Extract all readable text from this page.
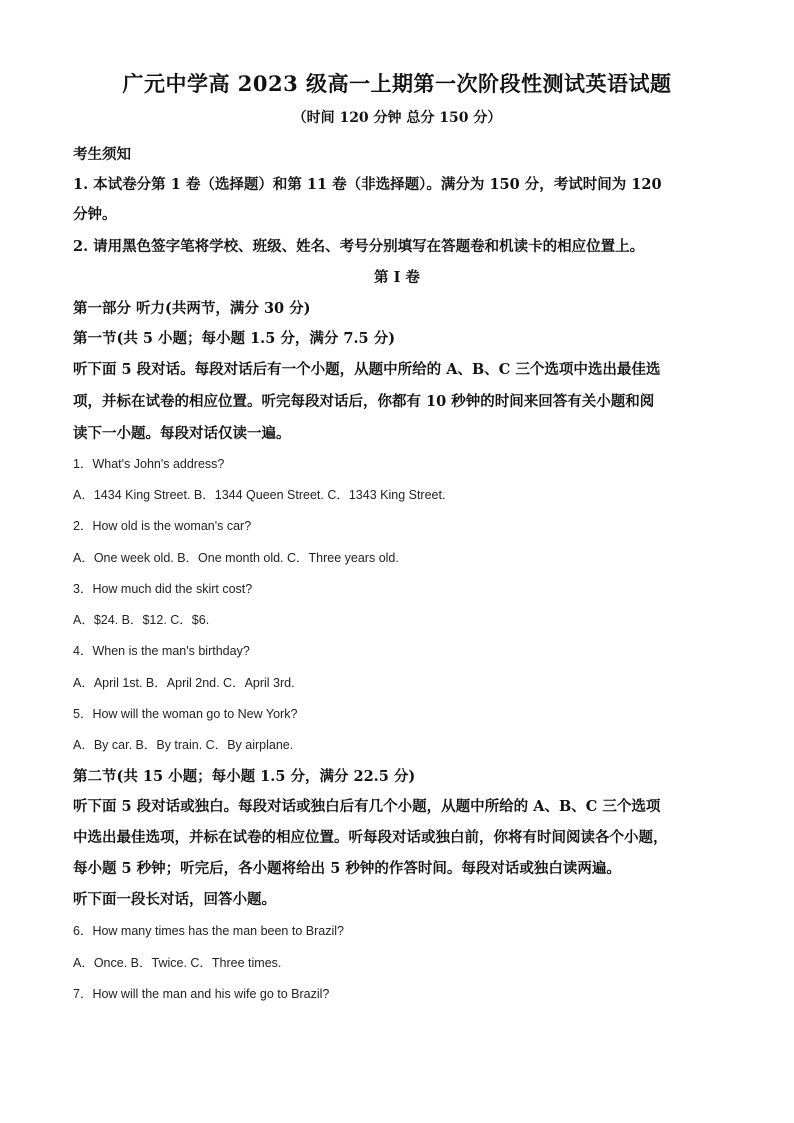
广元中学高 2023 级高一上期第一次阶段性测试英语试题
（时间 120 分钟 总分 150 分）
考生须知
1. 本试卷分第 1 卷（选择题）和第 11 卷（非选择题）。满分为 150 分，考试时间为 120
分钟。
2. 请用黑色签字笔将学校、班级、姓名、考号分别填写在答题卷和机读卡的相应位置上。
第 I 卷
第一部分 听力(共两节，满分 30 分)
第一节(共 5 小题；每小题 1.5 分，满分 7.5 分)
听下面 5 段对话。每段对话后有一个小题，从题中所给的 A、B、C 三个选项中选出最佳选
项，并标在试卷的相应位置。听完每段对话后，你都有 10 秒钟的时间来回答有关小题和阅
读下一小题。每段对话仅读一遍。
1．What's John's address?
A．1434 King Street. B．1344 Queen Street. C．1343 King Street.
2．How old is the woman's car?
A．One week old. B．One month old. C．Three years old.
3．How much did the skirt cost?
A．$24. B．$12. C．$6.
4．When is the man's birthday?
A．April 1st. B．April 2nd. C．April 3rd.
5．How will the woman go to New York?
A．By car. B．By train. C．By airplane.
第二节(共 15 小题；每小题 1.5 分，满分 22.5 分)
听下面 5 段对话或独白。每段对话或独白后有几个小题，从题中所给的 A、B、C 三个选项
中选出最佳选项，并标在试卷的相应位置。听每段对话或独白前，你将有时间阅读各个小题，
每小题 5 秒钟；听完后，各小题将给出 5 秒钟的作答时间。每段对话或独白读两遍。
听下面一段长对话，回答小题。
6．How many times has the man been to Brazil?
A．Once. B．Twice. C．Three times.
7．How will the man and his wife go to Brazil?
